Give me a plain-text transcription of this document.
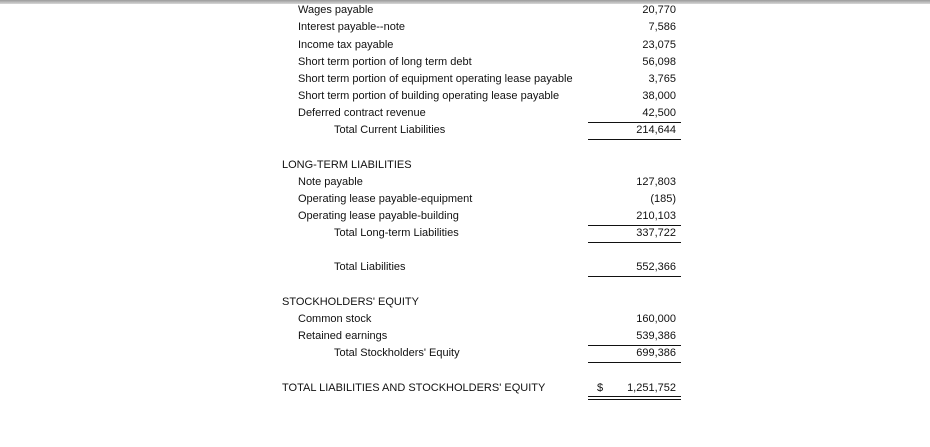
Wages payable	20,770
Interest payable--note	7,586
Income tax payable	23,075
Short term portion of long term debt	56,098
Short term portion of equipment operating lease payable	3,765
Short term portion of building operating lease payable	38,000
Deferred contract revenue	42,500
Total Current Liabilities	214,644
LONG-TERM LIABILITIES
Note payable	127,803
Operating lease payable-equipment	(185)
Operating lease payable-building	210,103
Total Long-term Liabilities	337,722
Total Liabilities	552,366
STOCKHOLDERS' EQUITY
Common stock	160,000
Retained earnings	539,386
Total Stockholders' Equity	699,386
TOTAL LIABILITIES AND STOCKHOLDERS' EQUITY	$ 1,251,752
